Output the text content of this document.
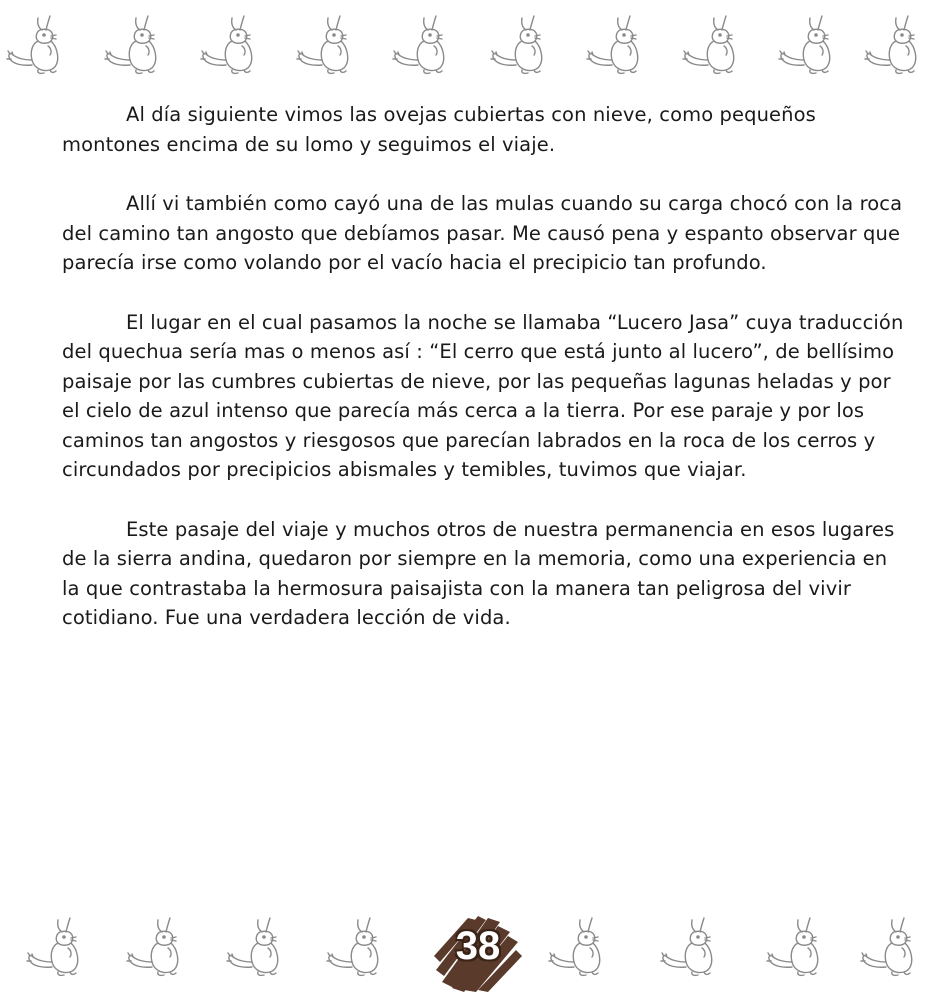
Al día siguiente vimos las ovejas cubiertas con nieve, como pequeños montones encima de su lomo y seguimos el viaje.

Allí vi también como cayó una de las mulas cuando su carga chocó con la roca del camino tan angosto que debíamos pasar. Me causó pena y espanto observar que parecía irse como volando por el vacío hacia el precipicio tan profundo.

El lugar en el cual pasamos la noche se llamaba “Lucero Jasa” cuya traducción del quechua sería mas o menos así : “El cerro que está junto al lucero”, de bellísimo paisaje por las cumbres cubiertas de nieve, por las pequeñas lagunas heladas y por el cielo de azul intenso que parecía más cerca a la tierra. Por ese paraje y por los caminos tan angostos y riesgosos que parecían labrados en la roca de los cerros y circundados por precipicios abismales y temibles, tuvimos que viajar.

Este pasaje del viaje y muchos otros de nuestra permanencia en esos lugares de la sierra andina, quedaron por siempre en la memoria, como una experiencia en la que contrastaba la hermosura paisajista con la manera tan peligrosa del vivir cotidiano. Fue una verdadera lección de vida.

38
